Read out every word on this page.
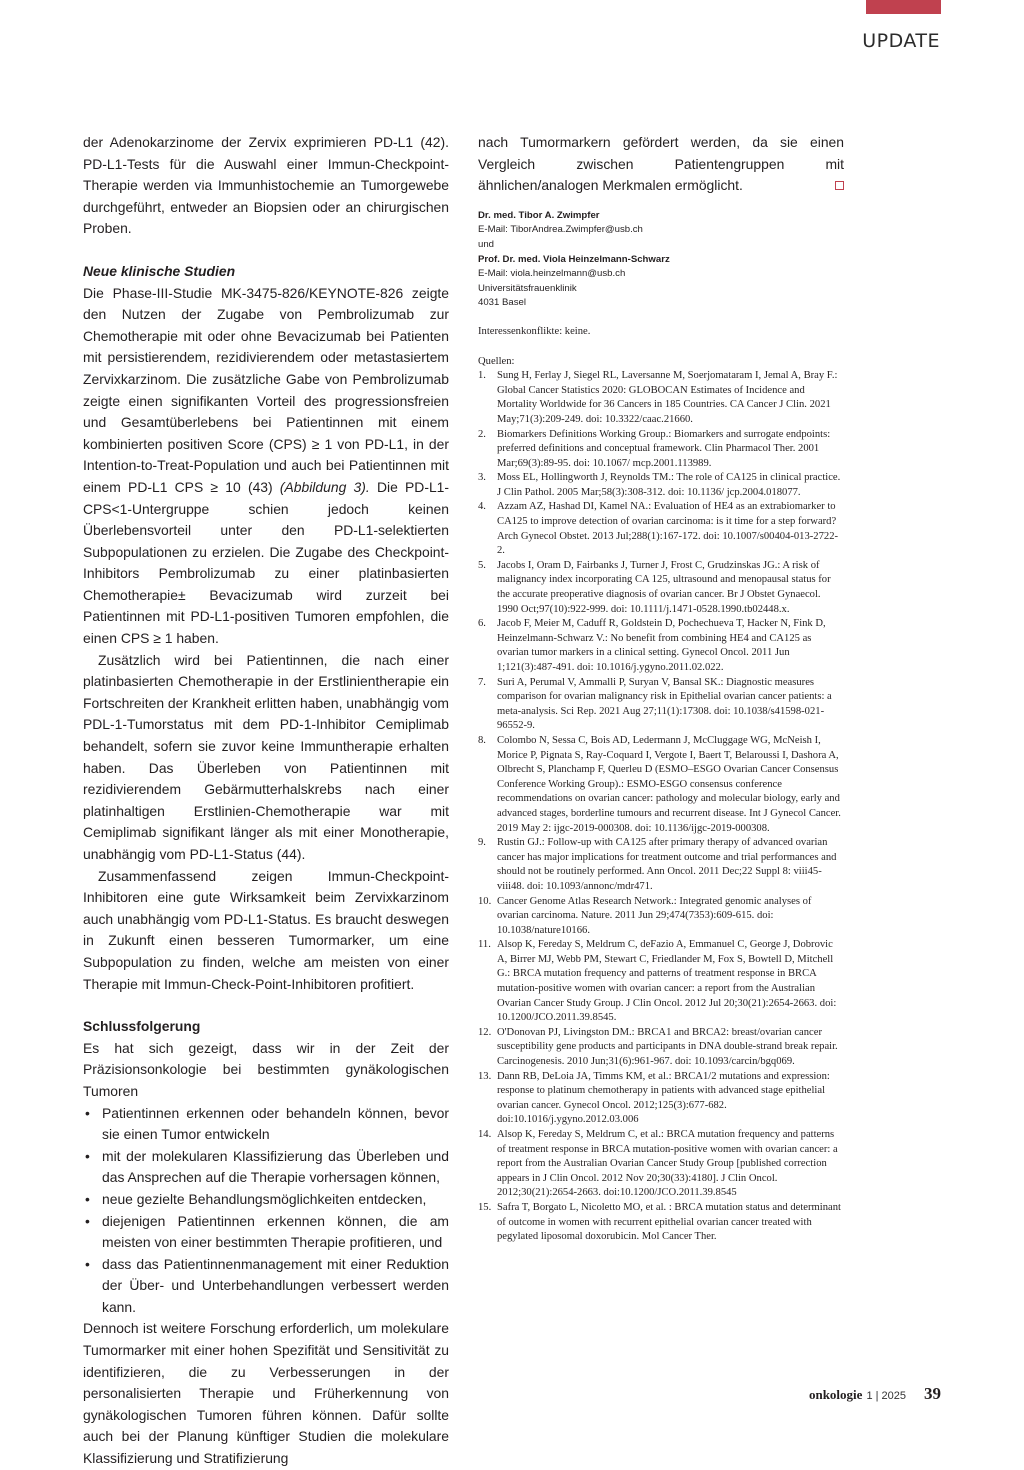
UPDATE

der Adenokarzinome der Zervix exprimieren PD-L1 (42). PD-L1-Tests für die Auswahl einer Immun-Checkpoint-Therapie werden via Immunhistochemie an Tumorgewebe durchgeführt, entweder an Biopsien oder an chirurgischen Proben.

Neue klinische Studien

Die Phase-III-Studie MK-3475-826/KEYNOTE-826 zeigte den Nutzen der Zugabe von Pembrolizumab zur Chemotherapie mit oder ohne Bevacizumab bei Patienten mit persistierendem, rezidivierendem oder metastasiertem Zervixkarzinom. Die zusätzliche Gabe von Pembrolizumab zeigte einen signifikanten Vorteil des progressionsfreien und Gesamtüberlebens bei Patientinnen mit einem kombinierten positiven Score (CPS) ≥ 1 von PD-L1, in der Intention-to-Treat-Population und auch bei Patientinnen mit einem PD-L1 CPS ≥ 10 (43) (Abbildung 3). Die PD-L1-CPS<1-Untergruppe schien jedoch keinen Überlebensvorteil unter den PD-L1-selektierten Subpopulationen zu erzielen. Die Zugabe des Checkpoint-Inhibitors Pembrolizumab zu einer platinbasierten Chemotherapie± Bevacizumab wird zurzeit bei Patientinnen mit PD-L1-positiven Tumoren empfohlen, die einen CPS ≥ 1 haben.

Zusätzlich wird bei Patientinnen, die nach einer platinbasierten Chemotherapie in der Erstlinientherapie ein Fortschreiten der Krankheit erlitten haben, unabhängig vom PDL-1-Tumorstatus mit dem PD-1-Inhibitor Cemiplimab behandelt, sofern sie zuvor keine Immuntherapie erhalten haben. Das Überleben von Patientinnen mit rezidivierendem Gebärmutterhalskrebs nach einer platinhaltigen Erstlinien-Chemotherapie war mit Cemiplimab signifikant länger als mit einer Monotherapie, unabhängig vom PD-L1-Status (44).

Zusammenfassend zeigen Immun-Checkpoint-Inhibitoren eine gute Wirksamkeit beim Zervixkarzinom auch unabhängig vom PD-L1-Status. Es braucht deswegen in Zukunft einen besseren Tumormarker, um eine Subpopulation zu finden, welche am meisten von einer Therapie mit Immun-Check-Point-Inhibitoren profitiert.

Schlussfolgerung

Es hat sich gezeigt, dass wir in der Zeit der Präzisionsonkologie bei bestimmten gynäkologischen Tumoren

• Patientinnen erkennen oder behandeln können, bevor sie einen Tumor entwickeln
• mit der molekularen Klassifizierung das Überleben und das Ansprechen auf die Therapie vorhersagen können,
• neue gezielte Behandlungsmöglichkeiten entdecken,
• diejenigen Patientinnen erkennen können, die am meisten von einer bestimmten Therapie profitieren, und
• dass das Patientinnenmanagement mit einer Reduktion der Über- und Unterbehandlungen verbessert werden kann.

Dennoch ist weitere Forschung erforderlich, um molekulare Tumormarker mit einer hohen Spezifität und Sensitivität zu identifizieren, die zu Verbesserungen in der personalisierten Therapie und Früherkennung von gynäkologischen Tumoren führen können. Dafür sollte auch bei der Planung künftiger Studien die molekulare Klassifizierung und Stratifizierung

nach Tumormarkern gefördert werden, da sie einen Vergleich zwischen Patientengruppen mit ähnlichen/analogen Merkmalen ermöglicht.

Dr. med. Tibor A. Zwimpfer
E-Mail: TiborAndrea.Zwimpfer@usb.ch
und
Prof. Dr. med. Viola Heinzelmann-Schwarz
E-Mail: viola.heinzelmann@usb.ch
Universitätsfrauenklinik
4031 Basel
Interessenkonflikte: keine.
Quellen:
1. Sung H, Ferlay J, Siegel RL, Laversanne M, Soerjomataram I, Jemal A, Bray F.: Global Cancer Statistics 2020: GLOBOCAN Estimates of Incidence and Mortality Worldwide for 36 Cancers in 185 Countries. CA Cancer J Clin. 2021 May;71(3):209-249. doi: 10.3322/caac.21660.
2. Biomarkers Definitions Working Group.: Biomarkers and surrogate endpoints: preferred definitions and conceptual framework. Clin Pharmacol Ther. 2001 Mar;69(3):89-95. doi: 10.1067/ mcp.2001.113989.
3. Moss EL, Hollingworth J, Reynolds TM.: The role of CA125 in clinical practice. J Clin Pathol. 2005 Mar;58(3):308-312. doi: 10.1136/ jcp.2004.018077.
4. Azzam AZ, Hashad DI, Kamel NA.: Evaluation of HE4 as an extrabiomarker to CA125 to improve detection of ovarian carcinoma: is it time for a step forward? Arch Gynecol Obstet. 2013 Jul;288(1):167-172. doi: 10.1007/s00404-013-2722-2.
5. Jacobs I, Oram D, Fairbanks J, Turner J, Frost C, Grudzinskas JG.: A risk of malignancy index incorporating CA 125, ultrasound and menopausal status for the accurate preoperative diagnosis of ovarian cancer. Br J Obstet Gynaecol. 1990 Oct;97(10):922-999. doi: 10.1111/j.1471-0528.1990.tb02448.x.
6. Jacob F, Meier M, Caduff R, Goldstein D, Pochechueva T, Hacker N, Fink D, Heinzelmann-Schwarz V.: No benefit from combining HE4 and CA125 as ovarian tumor markers in a clinical setting. Gynecol Oncol. 2011 Jun 1;121(3):487-491. doi: 10.1016/j.ygyno.2011.02.022.
7. Suri A, Perumal V, Ammalli P, Suryan V, Bansal SK.: Diagnostic measures comparison for ovarian malignancy risk in Epithelial ovarian cancer patients: a meta-analysis. Sci Rep. 2021 Aug 27;11(1):17308. doi: 10.1038/s41598-021-96552-9.
8. Colombo N, Sessa C, Bois AD, Ledermann J, McCluggage WG, McNeish I, Morice P, Pignata S, Ray-Coquard I, Vergote I, Baert T, Belaroussi I, Dashora A, Olbrecht S, Planchamp F, Querleu D (ESMO–ESGO Ovarian Cancer Consensus Conference Working Group).: ESMO-ESGO consensus conference recommendations on ovarian cancer: pathology and molecular biology, early and advanced stages, borderline tumours and recurrent disease. Int J Gynecol Cancer. 2019 May 2: ijgc-2019-000308. doi: 10.1136/ijgc-2019-000308.
9. Rustin GJ.: Follow-up with CA125 after primary therapy of advanced ovarian cancer has major implications for treatment outcome and trial performances and should not be routinely performed. Ann Oncol. 2011 Dec;22 Suppl 8: viii45-viii48. doi: 10.1093/annonc/mdr471.
10. Cancer Genome Atlas Research Network.: Integrated genomic analyses of ovarian carcinoma. Nature. 2011 Jun 29;474(7353):609-615. doi: 10.1038/nature10166.
11. Alsop K, Fereday S, Meldrum C, deFazio A, Emmanuel C, George J, Dobrovic A, Birrer MJ, Webb PM, Stewart C, Friedlander M, Fox S, Bowtell D, Mitchell G.: BRCA mutation frequency and patterns of treatment response in BRCA mutation-positive women with ovarian cancer: a report from the Australian Ovarian Cancer Study Group. J Clin Oncol. 2012 Jul 20;30(21):2654-2663. doi: 10.1200/JCO.2011.39.8545.
12. O'Donovan PJ, Livingston DM.: BRCA1 and BRCA2: breast/ovarian cancer susceptibility gene products and participants in DNA double-strand break repair. Carcinogenesis. 2010 Jun;31(6):961-967. doi: 10.1093/carcin/bgq069.
13. Dann RB, DeLoia JA, Timms KM, et al.: BRCA1/2 mutations and expression: response to platinum chemotherapy in patients with advanced stage epithelial ovarian cancer. Gynecol Oncol. 2012;125(3):677-682. doi:10.1016/j.ygyno.2012.03.006
14. Alsop K, Fereday S, Meldrum C, et al.: BRCA mutation frequency and patterns of treatment response in BRCA mutation-positive women with ovarian cancer: a report from the Australian Ovarian Cancer Study Group [published correction appears in J Clin Oncol. 2012 Nov 20;30(33):4180]. J Clin Oncol. 2012;30(21):2654-2663. doi:10.1200/JCO.2011.39.8545
15. Safra T, Borgato L, Nicoletto MO, et al. : BRCA mutation status and determinant of outcome in women with recurrent epithelial ovarian cancer treated with pegylated liposomal doxorubicin. Mol Cancer Ther.
onkologie 1 | 2025 39
